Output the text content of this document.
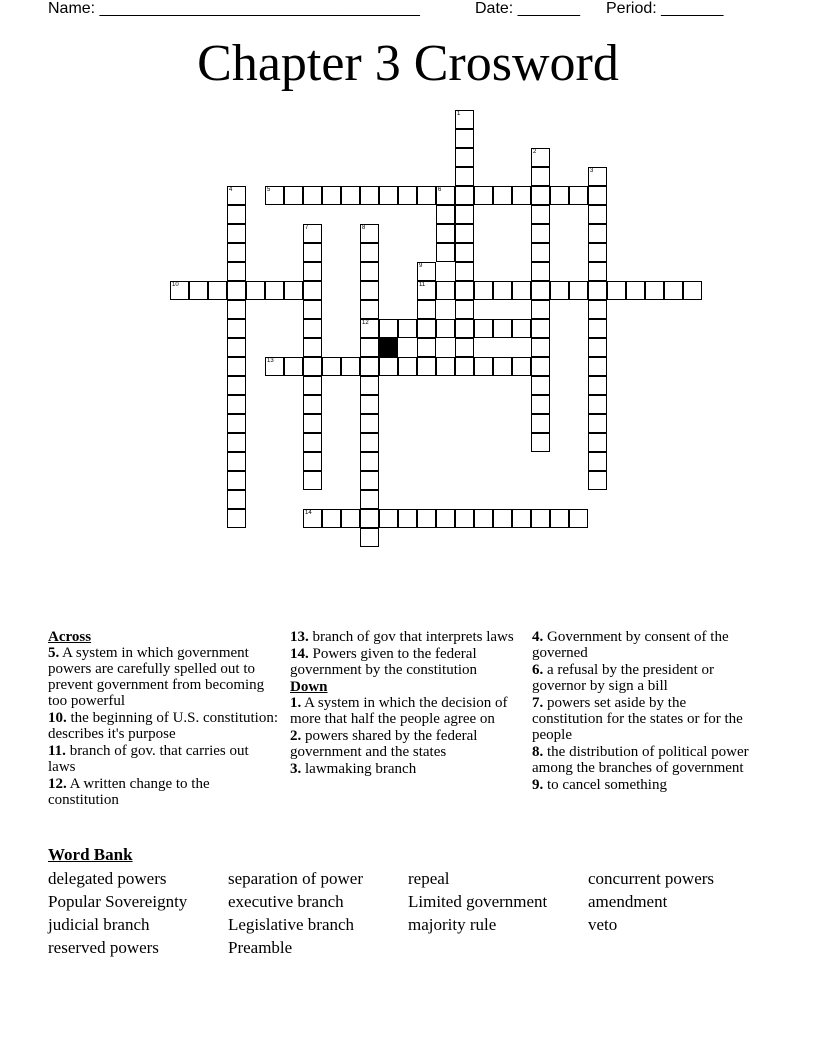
Name: ____________________________________	Date: _______ Period: _______
Chapter 3 Crosword
1
2
3
4	5	6
7	8
12
9
11
10
13
14
Across
5. A system in which government powers are carefully spelled out to prevent government from becoming too powerful
10. the beginning of U.S. constitution: describes it's purpose
11. branch of gov. that carries out laws
12. A written change to the constitution
13. branch of gov that interprets laws
14. Powers given to the federal government by the constitution
Down
1. A system in which the decision of more that half the people agree on
2. powers shared by the federal government and the states
3. lawmaking branch
4. Government by consent of the governed
6. a refusal by the president or governor by sign a bill
7. powers set aside by the constitution for the states or for the people
8. the distribution of political power among the branches of government
9. to cancel something
Word Bank
delegated powers	separation of power	repeal	concurrent powers
Popular Sovereignty	executive branch	Limited government	amendment
judicial branch	Legislative branch	majority rule	veto
reserved powers	Preamble
